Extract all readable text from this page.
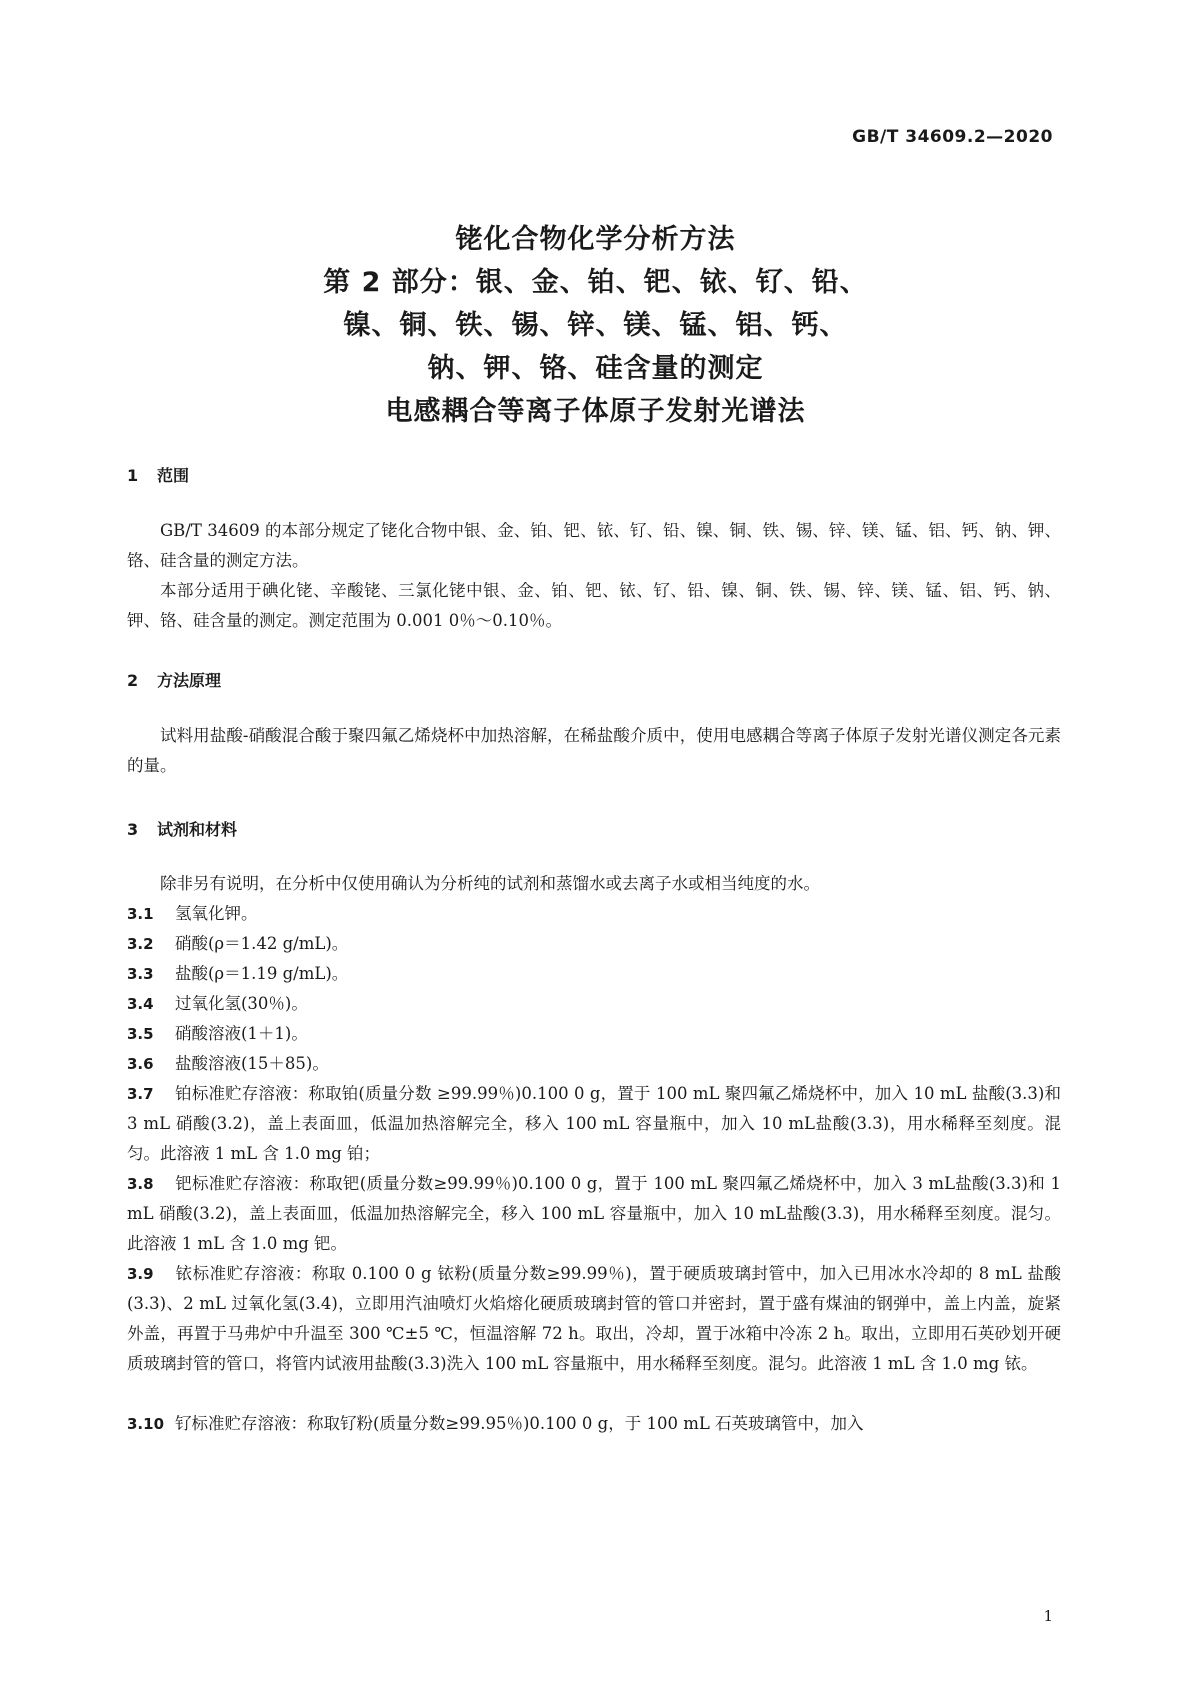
GB/T 34609.2—2020
铑化合物化学分析方法
第 2 部分：银、金、铂、钯、铱、钌、铅、
镍、铜、铁、锡、锌、镁、锰、铝、钙、
钠、钾、铬、硅含量的测定
电感耦合等离子体原子发射光谱法
1 范围

GB/T 34609 的本部分规定了铑化合物中银、金、铂、钯、铱、钌、铅、镍、铜、铁、锡、锌、镁、锰、铝、钙、钠、钾、铬、硅含量的测定方法。

本部分适用于碘化铑、辛酸铑、三氯化铑中银、金、铂、钯、铱、钌、铅、镍、铜、铁、锡、锌、镁、锰、铝、钙、钠、钾、铬、硅含量的测定。测定范围为 0.001 0％～0.10％。

2 方法原理

试料用盐酸-硝酸混合酸于聚四氟乙烯烧杯中加热溶解，在稀盐酸介质中，使用电感耦合等离子体原子发射光谱仪测定各元素的量。

3 试剂和材料

除非另有说明，在分析中仅使用确认为分析纯的试剂和蒸馏水或去离子水或相当纯度的水。

3.1 氢氧化钾。

3.2 硝酸(ρ＝1.42 g/mL)。

3.3 盐酸(ρ＝1.19 g/mL)。

3.4 过氧化氢(30％)。

3.5 硝酸溶液(1＋1)。

3.6 盐酸溶液(15＋85)。

3.7 铂标准贮存溶液：称取铂(质量分数 ≥99.99％)0.100 0 g，置于 100 mL 聚四氟乙烯烧杯中，加入 10 mL 盐酸(3.3)和 3 mL 硝酸(3.2)，盖上表面皿，低温加热溶解完全，移入 100 mL 容量瓶中，加入 10 mL盐酸(3.3)，用水稀释至刻度。混匀。此溶液 1 mL 含 1.0 mg 铂；

3.8 钯标准贮存溶液：称取钯(质量分数≥99.99％)0.100 0 g，置于 100 mL 聚四氟乙烯烧杯中，加入 3 mL盐酸(3.3)和 1 mL 硝酸(3.2)，盖上表面皿，低温加热溶解完全，移入 100 mL 容量瓶中，加入 10 mL盐酸(3.3)，用水稀释至刻度。混匀。此溶液 1 mL 含 1.0 mg 钯。

3.9 铱标准贮存溶液：称取 0.100 0 g 铱粉(质量分数≥99.99％)，置于硬质玻璃封管中，加入已用冰水冷却的 8 mL 盐酸(3.3)、2 mL 过氧化氢(3.4)，立即用汽油喷灯火焰熔化硬质玻璃封管的管口并密封，置于盛有煤油的钢弹中，盖上内盖，旋紧外盖，再置于马弗炉中升温至 300 ℃±5 ℃，恒温溶解 72 h。取出，冷却，置于冰箱中冷冻 2 h。取出，立即用石英砂划开硬质玻璃封管的管口，将管内试液用盐酸(3.3)洗入 100 mL 容量瓶中，用水稀释至刻度。混匀。此溶液 1 mL 含 1.0 mg 铱。

3.10 钌标准贮存溶液：称取钌粉(质量分数≥99.95％)0.100 0 g，于 100 mL 石英玻璃管中，加入

1
